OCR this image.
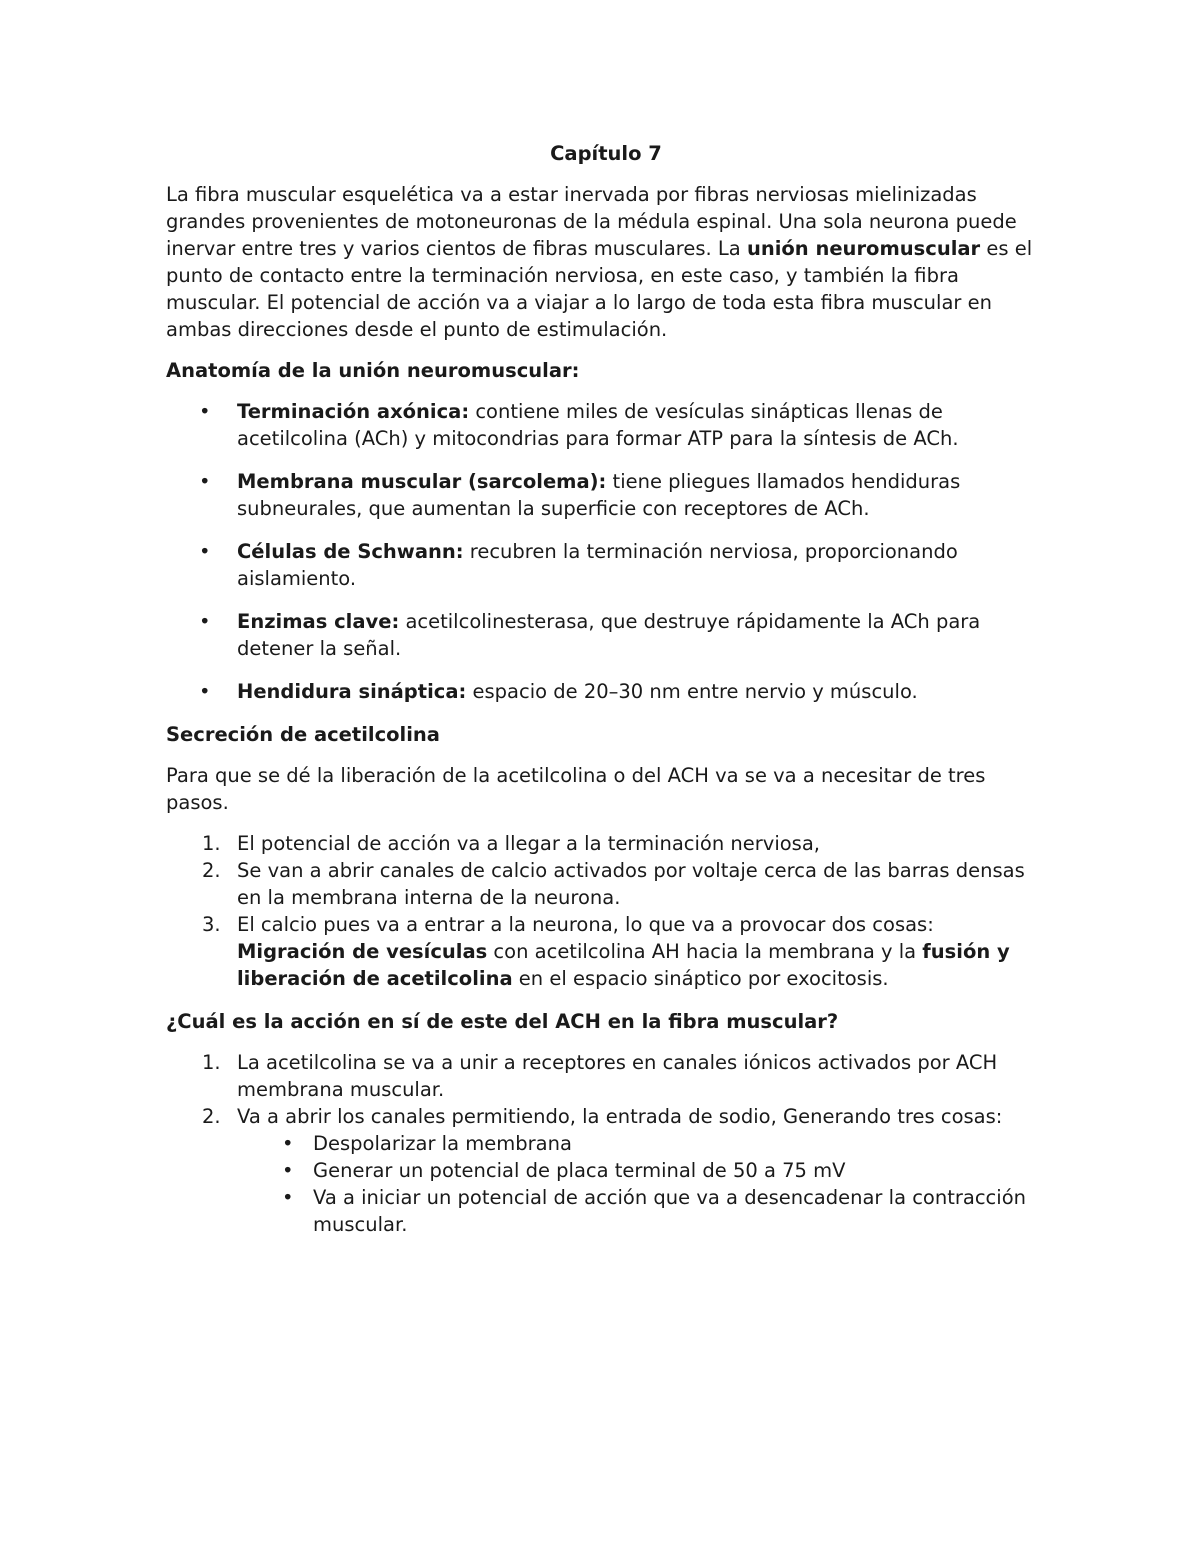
Capítulo 7

La fibra muscular esquelética va a estar inervada por fibras nerviosas mielinizadas grandes provenientes de motoneuronas de la médula espinal. Una sola neurona puede inervar entre tres y varios cientos de fibras musculares. La unión neuromuscular es el punto de contacto entre la terminación nerviosa, en este caso, y también la fibra muscular. El potencial de acción va a viajar a lo largo de toda esta fibra muscular en ambas direcciones desde el punto de estimulación.

Anatomía de la unión neuromuscular:
• Terminación axónica: contiene miles de vesículas sinápticas llenas de acetilcolina (ACh) y mitocondrias para formar ATP para la síntesis de ACh.
• Membrana muscular (sarcolema): tiene pliegues llamados hendiduras subneurales, que aumentan la superficie con receptores de ACh.
• Células de Schwann: recubren la terminación nerviosa, proporcionando aislamiento.
• Enzimas clave: acetilcolinesterasa, que destruye rápidamente la ACh para detener la señal.
• Hendidura sináptica: espacio de 20–30 nm entre nervio y músculo.
Secreción de acetilcolina

Para que se dé la liberación de la acetilcolina o del ACH va se va a necesitar de tres pasos.

1. El potencial de acción va a llegar a la terminación nerviosa,
2. Se van a abrir canales de calcio activados por voltaje cerca de las barras densas en la membrana interna de la neurona.
3. El calcio pues va a entrar a la neurona, lo que va a provocar dos cosas: Migración de vesículas con acetilcolina AH hacia la membrana y la fusión y liberación de acetilcolina en el espacio sináptico por exocitosis.
¿Cuál es la acción en sí de este del ACH en la fibra muscular?
1. La acetilcolina se va a unir a receptores en canales iónicos activados por ACH membrana muscular.
2. Va a abrir los canales permitiendo, la entrada de sodio, Generando tres cosas:
• Despolarizar la membrana
• Generar un potencial de placa terminal de 50 a 75 mV
• Va a iniciar un potencial de acción que va a desencadenar la contracción muscular.
